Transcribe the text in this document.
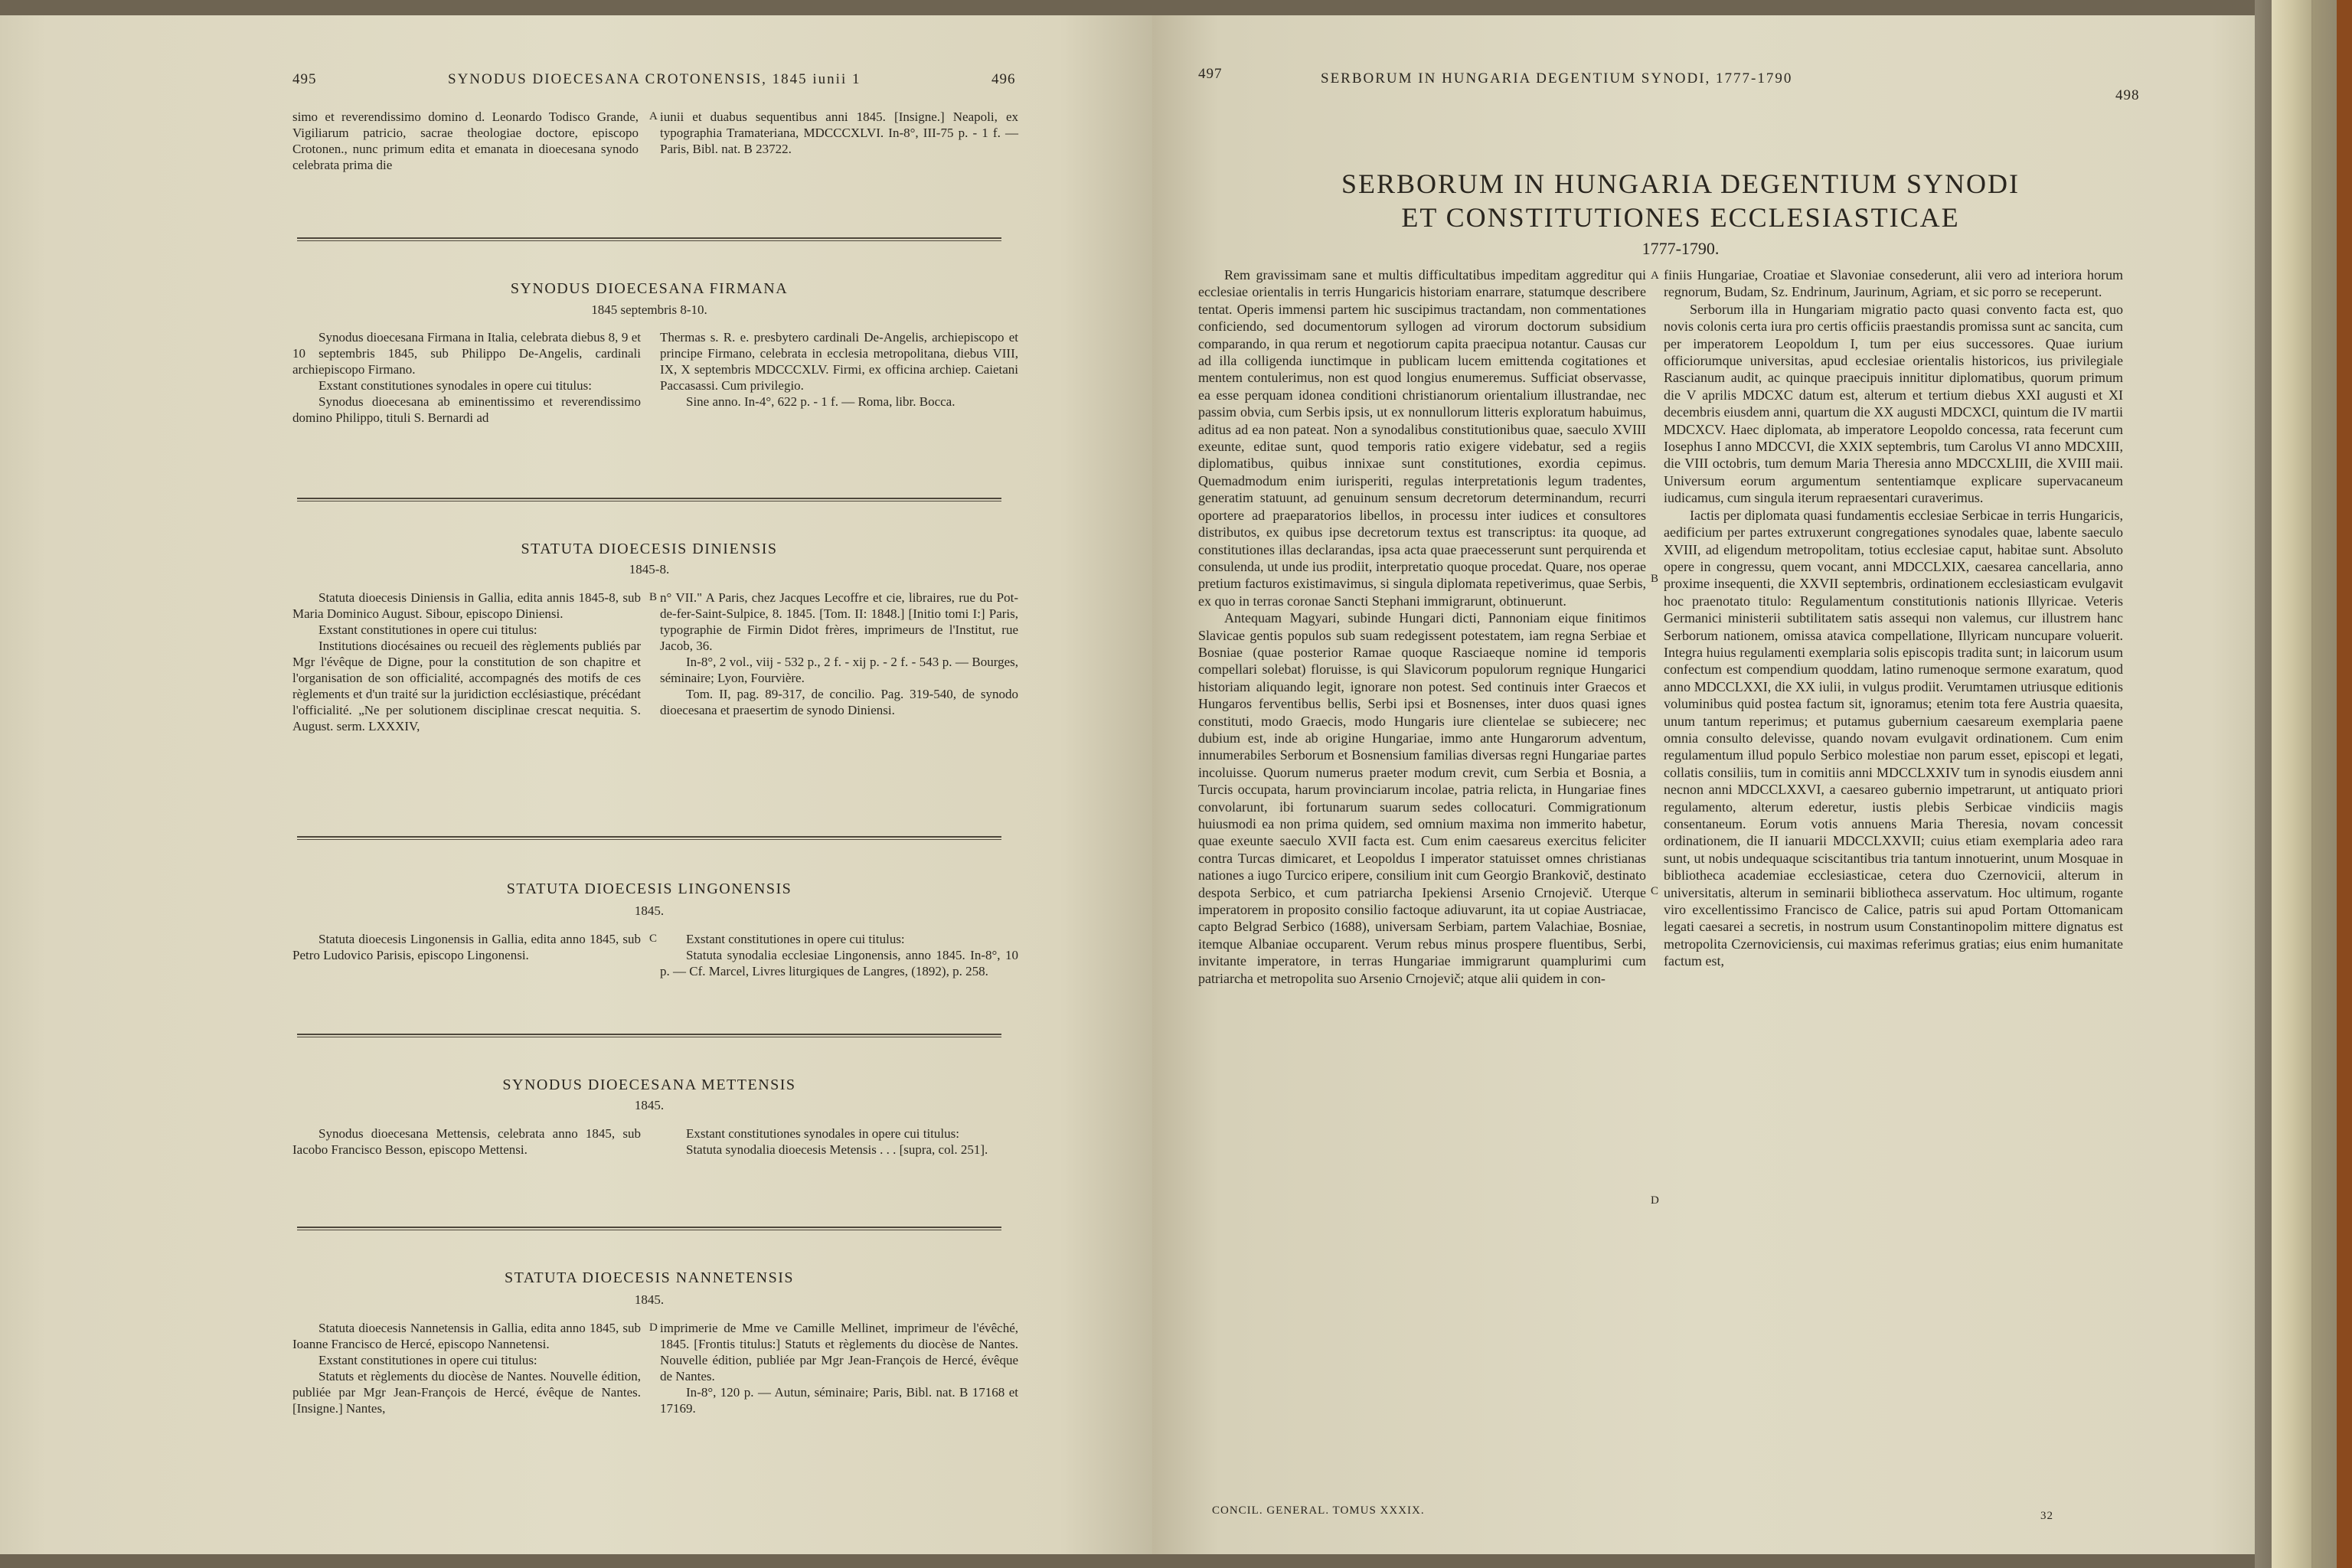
495	SYNODUS DIOECESANA CROTONENSIS, 1845 iunii 1	496
simo et reverendissimo domino d. Leonardo Todisco Grande, Vigiliarum patricio, sacrae theologiae doctore, episcopo Crotonen., nunc primum edita et emanata in dioecesana synodo celebrata prima die
A iunii et duabus sequentibus anni 1845. [Insigne.] Neapoli, ex typographia Tramateriana, MDCCCXLVI. In-8°, III-75 p. - 1 f. — Paris, Bibl. nat. B 23722.
SYNODUS DIOECESANA FIRMANA
1845 septembris 8-10.

Synodus dioecesana Firmana in Italia, celebrata diebus 8, 9 et 10 septembris 1845, sub Philippo De-Angelis, cardinali archiepiscopo Firmano.

Exstant constitutiones synodales in opere cui titulus:

Synodus dioecesana ab eminentissimo et reverendissimo domino Philippo, tituli S. Bernardi ad

Thermas s. R. e. presbytero cardinali De-Angelis, archiepiscopo et principe Firmano, celebrata in ecclesia metropolitana, diebus VIII, IX, X septembris MDCCCXLV. Firmi, ex officina archiep. Caietani Paccasassi. Cum privilegio.

Sine anno. In-4°, 622 p. - 1 f. — Roma, libr. Bocca.

STATUTA DIOECESIS DINIENSIS
1845-8.

Statuta dioecesis Diniensis in Gallia, edita annis 1845-8, sub Maria Dominico August. Sibour, episcopo Diniensi.

Exstant constitutiones in opere cui titulus:

Institutions diocésaines ou recueil des règlements publiés par Mgr l'évêque de Digne, pour la constitution de son chapitre et l'organisation de son officialité, accompagnés des motifs de ces règlements et d'un traité sur la juridiction ecclésiastique, précédant l'officialité. „Ne per solutionem disciplinae crescat nequitia. S. August. serm. LXXXIV,

B n° VII." A Paris, chez Jacques Lecoffre et cie, libraires, rue du Pot-de-fer-Saint-Sulpice, 8. 1845. [Tom. II: 1848.] [Initio tomi I:] Paris, typographie de Firmin Didot frères, imprimeurs de l'Institut, rue Jacob, 36.

In-8°, 2 vol., viij - 532 p., 2 f. - xij p. - 2 f. - 543 p. — Bourges, séminaire; Lyon, Fourvière.

Tom. II, pag. 89-317, de concilio. Pag. 319-540, de synodo dioecesana et praesertim de synodo Diniensi.

STATUTA DIOECESIS LINGONENSIS
1845.

Statuta dioecesis Lingonensis in Gallia, edita anno 1845, sub Petro Ludovico Parisis, episcopo Lingonensi.

C	Exstant constitutiones in opere cui titulus:

Statuta synodalia ecclesiae Lingonensis, anno 1845. In-8°, 10 p. — Cf. Marcel, Livres liturgiques de Langres, (1892), p. 258.

SYNODUS DIOECESANA METTENSIS
1845.

Synodus dioecesana Mettensis, celebrata anno 1845, sub Iacobo Francisco Besson, episcopo Mettensi.

Exstant constitutiones synodales in opere cui titulus:

Statuta synodalia dioecesis Metensis . . . [supra, col. 251].

STATUTA DIOECESIS NANNETENSIS
1845.

Statuta dioecesis Nannetensis in Gallia, edita anno 1845, sub Ioanne Francisco de Hercé, episcopo Nannetensi.

Exstant constitutiones in opere cui titulus:

Statuts et règlements du diocèse de Nantes. Nouvelle édition, publiée par Mgr Jean-François de Hercé, évêque de Nantes. [Insigne.] Nantes,

D imprimerie de Mme ve Camille Mellinet, imprimeur de l'évêché, 1845. [Frontis titulus:] Statuts et règlements du diocèse de Nantes. Nouvelle édition, publiée par Mgr Jean-François de Hercé, évêque de Nantes.

In-8°, 120 p. — Autun, séminaire; Paris, Bibl. nat. B 17168 et 17169.

497	SERBORUM IN HUNGARIA DEGENTIUM SYNODI, 1777-1790
498
SERBORUM IN HUNGARIA DEGENTIUM SYNODI
ET CONSTITUTIONES ECCLESIASTICAE
1777-1790.

Rem gravissimam sane et multis difficultatibus impeditam aggreditur qui ecclesiae orientalis in terris Hungaricis historiam enarrare, statumque describere tentat. Operis immensi partem hic suscipimus tractandam, non commentationes conficiendo, sed documentorum syllogen ad virorum doctorum subsidium comparando, in qua rerum et negotiorum capita praecipua notantur. Causas cur ad illa colligenda iunctimque in publicam lucem emittenda cogitationes et mentem contulerimus, non est quod longius enumeremus. Sufficiat observasse, ea esse perquam idonea conditioni christianorum orientalium illustrandae, nec passim obvia, cum Serbis ipsis, ut ex nonnullorum litteris exploratum habuimus, aditus ad ea non pateat. Non a synodalibus constitutionibus quae, saeculo XVIII exeunte, editae sunt, quod temporis ratio exigere videbatur, sed a regiis diplomatibus, quibus innixae sunt constitutiones, exordia cepimus. Quemadmodum enim iurisperiti, regulas interpretationis legum tradentes, generatim statuunt, ad genuinum sensum decretorum determinandum, recurri oportere ad praeparatorios libellos, in processu inter iudices et consultores distributos, ex quibus ipse decretorum textus est transcriptus: ita quoque, ad constitutiones illas declarandas, ipsa acta quae praecesserunt sunt perquirenda et consulenda, ut unde ius prodiit, interpretatio quoque procedat. Quare, nos operae pretium facturos existimavimus, si singula diplomata repetiverimus, quae Serbis, ex quo in terras coronae Sancti Stephani immigrarunt, obtinuerunt.

Antequam Magyari, subinde Hungari dicti, Pannoniam eique finitimos Slavicae gentis populos sub suam redegissent potestatem, iam regna Serbiae et Bosniae (quae posterior Ramae quoque Rasciaeque nomine id temporis compellari solebat) floruisse, is qui Slavicorum populorum regnique Hungarici historiam aliquando legit, ignorare non potest. Sed continuis inter Graecos et Hungaros ferventibus bellis, Serbi ipsi et Bosnenses, inter duos quasi ignes constituti, modo Graecis, modo Hungaris iure clientelae se subiecere; nec dubium est, inde ab origine Hungariae, immo ante Hungarorum adventum, innumerabiles Serborum et Bosnensium familias diversas regni Hungariae partes incoluisse. Quorum numerus praeter modum crevit, cum Serbia et Bosnia, a Turcis occupata, harum provinciarum incolae, patria relicta, in Hungariae fines convolarunt, ibi fortunarum suarum sedes collocaturi. Commigrationum huiusmodi ea non prima quidem, sed omnium maxima non immerito habetur, quae exeunte saeculo XVII facta est. Cum enim caesareus exercitus feliciter contra Turcas dimicaret, et Leopoldus I imperator statuisset omnes christianas nationes a iugo Turcico eripere, consilium init cum Georgio Brankovič, destinato despota Serbico, et cum patriarcha Ipekiensi Arsenio Crnojevič. Uterque imperatorem in proposito consilio factoque adiuvarunt, ita ut copiae Austriacae, capto Belgrad Serbico (1688), universam Serbiam, partem Valachiae, Bosniae, itemque Albaniae occuparent. Verum rebus minus prospere fluentibus, Serbi, invitante imperatore, in terras Hungariae immigrarunt quamplurimi cum patriarcha et metropolita suo Arsenio Crnojevič; atque alii quidem in con-

A
B
C
D

finiis Hungariae, Croatiae et Slavoniae consederunt, alii vero ad interiora horum regnorum, Budam, Sz. Endrinum, Jaurinum, Agriam, et sic porro se receperunt.

Serborum illa in Hungariam migratio pacto quasi convento facta est, quo novis colonis certa iura pro certis officiis praestandis promissa sunt ac sancita, cum per imperatorem Leopoldum I, tum per eius successores. Quae iurium officiorumque universitas, apud ecclesiae orientalis historicos, ius privilegiale Rascianum audit, ac quinque praecipuis innititur diplomatibus, quorum primum die V aprilis MDCXC datum est, alterum et tertium diebus XXI augusti et XI decembris eiusdem anni, quartum die XX augusti MDCXCI, quintum die IV martii MDCXCV. Haec diplomata, ab imperatore Leopoldo concessa, rata fecerunt cum Iosephus I anno MDCCVI, die XXIX septembris, tum Carolus VI anno MDCXIII, die VIII octobris, tum demum Maria Theresia anno MDCCXLIII, die XVIII maii. Universum eorum argumentum sententiamque explicare supervacaneum iudicamus, cum singula iterum repraesentari curaverimus.

Iactis per diplomata quasi fundamentis ecclesiae Serbicae in terris Hungaricis, aedificium per partes extruxerunt congregationes synodales quae, labente saeculo XVIII, ad eligendum metropolitam, totius ecclesiae caput, habitae sunt. Absoluto opere in congressu, quem vocant, anni MDCCLXIX, caesarea cancellaria, anno proxime insequenti, die XXVII septembris, ordinationem ecclesiasticam evulgavit hoc praenotato titulo: Regulamentum constitutionis nationis Illyricae. Veteris Germanici ministerii subtilitatem satis assequi non valemus, cur illustrem hanc Serborum nationem, omissa atavica compellatione, Illyricam nuncupare voluerit. Integra huius regulamenti exemplaria solis episcopis tradita sunt; in laicorum usum confectum est compendium quoddam, latino rumenoque sermone exaratum, quod anno MDCCLXXI, die XX iulii, in vulgus prodiit. Verumtamen utriusque editionis voluminibus quid postea factum sit, ignoramus; etenim tota fere Austria quaesita, unum tantum reperimus; et putamus gubernium caesareum exemplaria paene omnia consulto delevisse, quando novam evulgavit ordinationem. Cum enim regulamentum illud populo Serbico molestiae non parum esset, episcopi et legati, collatis consiliis, tum in comitiis anni MDCCLXXIV tum in synodis eiusdem anni necnon anni MDCCLXXVI, a caesareo gubernio impetrarunt, ut antiquato priori regulamento, alterum ederetur, iustis plebis Serbicae vindiciis magis consentaneum. Eorum votis annuens Maria Theresia, novam concessit ordinationem, die II ianuarii MDCCLXXVII; cuius etiam exemplaria adeo rara sunt, ut nobis undequaque sciscitantibus tria tantum innotuerint, unum Mosquae in bibliotheca academiae ecclesiasticae, cetera duo Czernovicii, alterum in universitatis, alterum in seminarii bibliotheca asservatum. Hoc ultimum, rogante viro excellentissimo Francisco de Calice, patris sui apud Portam Ottomanicam legati caesarei a secretis, in nostrum usum Constantinopolim mittere dignatus est metropolita Czernoviciensis, cui maximas referimus gratias; eius enim humanitate factum est,

CONCIL. GENERAL. TOMUS XXXIX.	32
